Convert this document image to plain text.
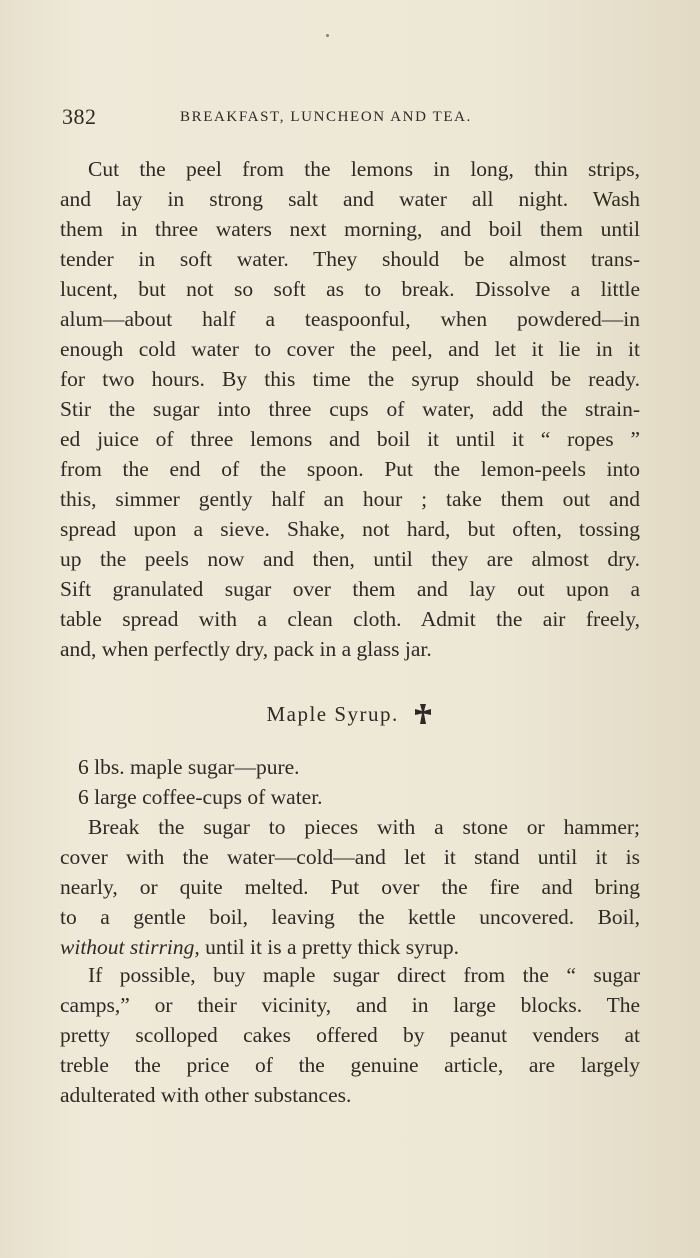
382	BREAKFAST, LUNCHEON AND TEA.
Cut the peel from the lemons in long, thin strips,
and lay in strong salt and water all night. Wash
them in three waters next morning, and boil them until
tender in soft water. They should be almost trans-
lucent, but not so soft as to break. Dissolve a little
alum—about half a teaspoonful, when powdered—in
enough cold water to cover the peel, and let it lie in it
for two hours. By this time the syrup should be ready.
Stir the sugar into three cups of water, add the strain-
ed juice of three lemons and boil it until it “ ropes ”
from the end of the spoon. Put the lemon-peels into
this, simmer gently half an hour ; take them out and
spread upon a sieve. Shake, not hard, but often, tossing
up the peels now and then, until they are almost dry.
Sift granulated sugar over them and lay out upon a
table spread with a clean cloth. Admit the air freely,
and, when perfectly dry, pack in a glass jar.
Maple Syrup.
6 lbs. maple sugar—pure.
6 large coffee-cups of water.
Break the sugar to pieces with a stone or hammer;
cover with the water—cold—and let it stand until it is
nearly, or quite melted. Put over the fire and bring
to a gentle boil, leaving the kettle uncovered. Boil,
without stirring, until it is a pretty thick syrup.
If possible, buy maple sugar direct from the “ sugar
camps,” or their vicinity, and in large blocks. The
pretty scolloped cakes offered by peanut venders at
treble the price of the genuine article, are largely
adulterated with other substances.
